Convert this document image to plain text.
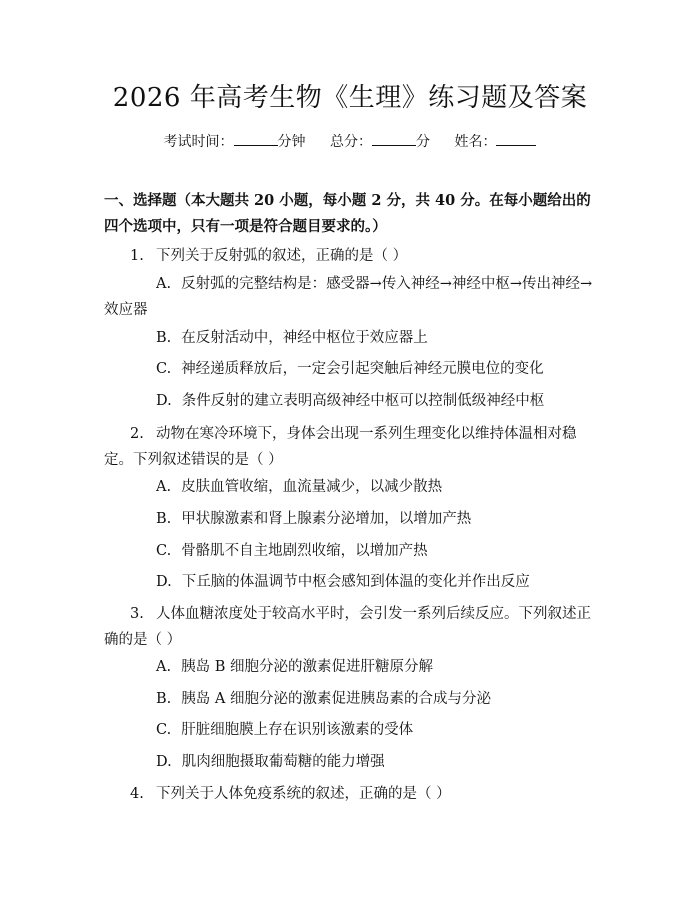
2026 年高考生物《生理》练习题及答案
考试时间：	分钟 总分：	分 姓名：
一、选择题（本大题共 20 小题，每小题 2 分，共 40 分。在每小题给出的四个选项中，只有一项是符合题目要求的。）
1. 下列关于反射弧的叙述，正确的是（ ）
A. 反射弧的完整结构是：感受器→传入神经→神经中枢→传出神经→效应器
B. 在反射活动中，神经中枢位于效应器上
C. 神经递质释放后，一定会引起突触后神经元膜电位的变化
D. 条件反射的建立表明高级神经中枢可以控制低级神经中枢
2. 动物在寒冷环境下，身体会出现一系列生理变化以维持体温相对稳定。下列叙述错误的是（ ）
A. 皮肤血管收缩，血流量减少，以减少散热
B. 甲状腺激素和肾上腺素分泌增加，以增加产热
C. 骨骼肌不自主地剧烈收缩，以增加产热
D. 下丘脑的体温调节中枢会感知到体温的变化并作出反应
3. 人体血糖浓度处于较高水平时，会引发一系列后续反应。下列叙述正确的是（ ）
A. 胰岛 B 细胞分泌的激素促进肝糖原分解
B. 胰岛 A 细胞分泌的激素促进胰岛素的合成与分泌
C. 肝脏细胞膜上存在识别该激素的受体
D. 肌肉细胞摄取葡萄糖的能力增强
4. 下列关于人体免疫系统的叙述，正确的是（ ）
